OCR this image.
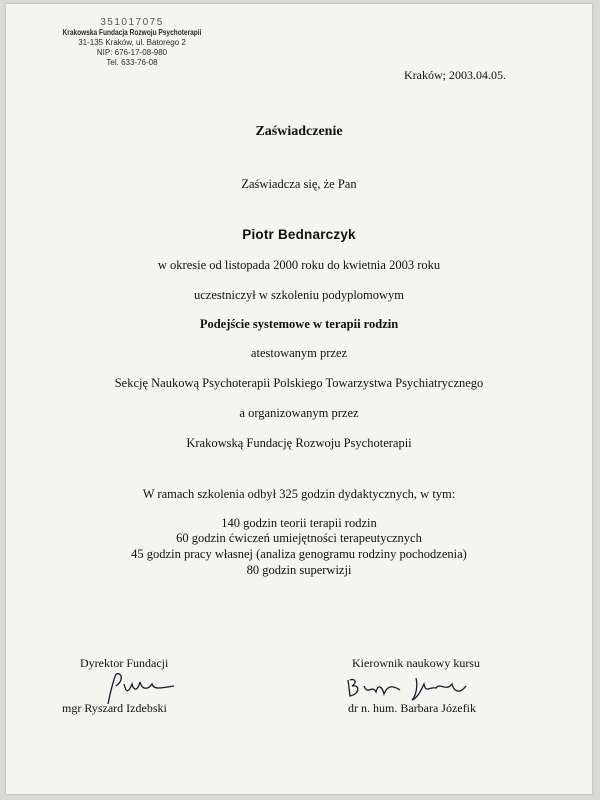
351017075
Krakowska Fundacja Rozwoju Psychoterapii
31-135 Kraków, ul. Batorego 2
NIP: 676-17-08-980
Tel. 633-76-08
Kraków; 2003.04.05.
Zaświadczenie
Zaświadcza się, że Pan
Piotr Bednarczyk
w okresie od listopada 2000 roku do kwietnia 2003 roku
uczestniczył w szkoleniu podyplomowym
Podejście systemowe w terapii rodzin
atestowanym przez
Sekcję Naukową Psychoterapii Polskiego Towarzystwa Psychiatrycznego
a organizowanym przez
Krakowską Fundację Rozwoju Psychoterapii
W ramach szkolenia odbył 325 godzin dydaktycznych, w tym:
140 godzin teorii terapii rodzin
60 godzin ćwiczeń umiejętności terapeutycznych
45 godzin pracy własnej (analiza genogramu rodziny pochodzenia)
80 godzin superwizji
Dyrektor Fundacji
mgr Ryszard Izdebski
Kierownik naukowy kursu
dr n. hum. Barbara Józefik
